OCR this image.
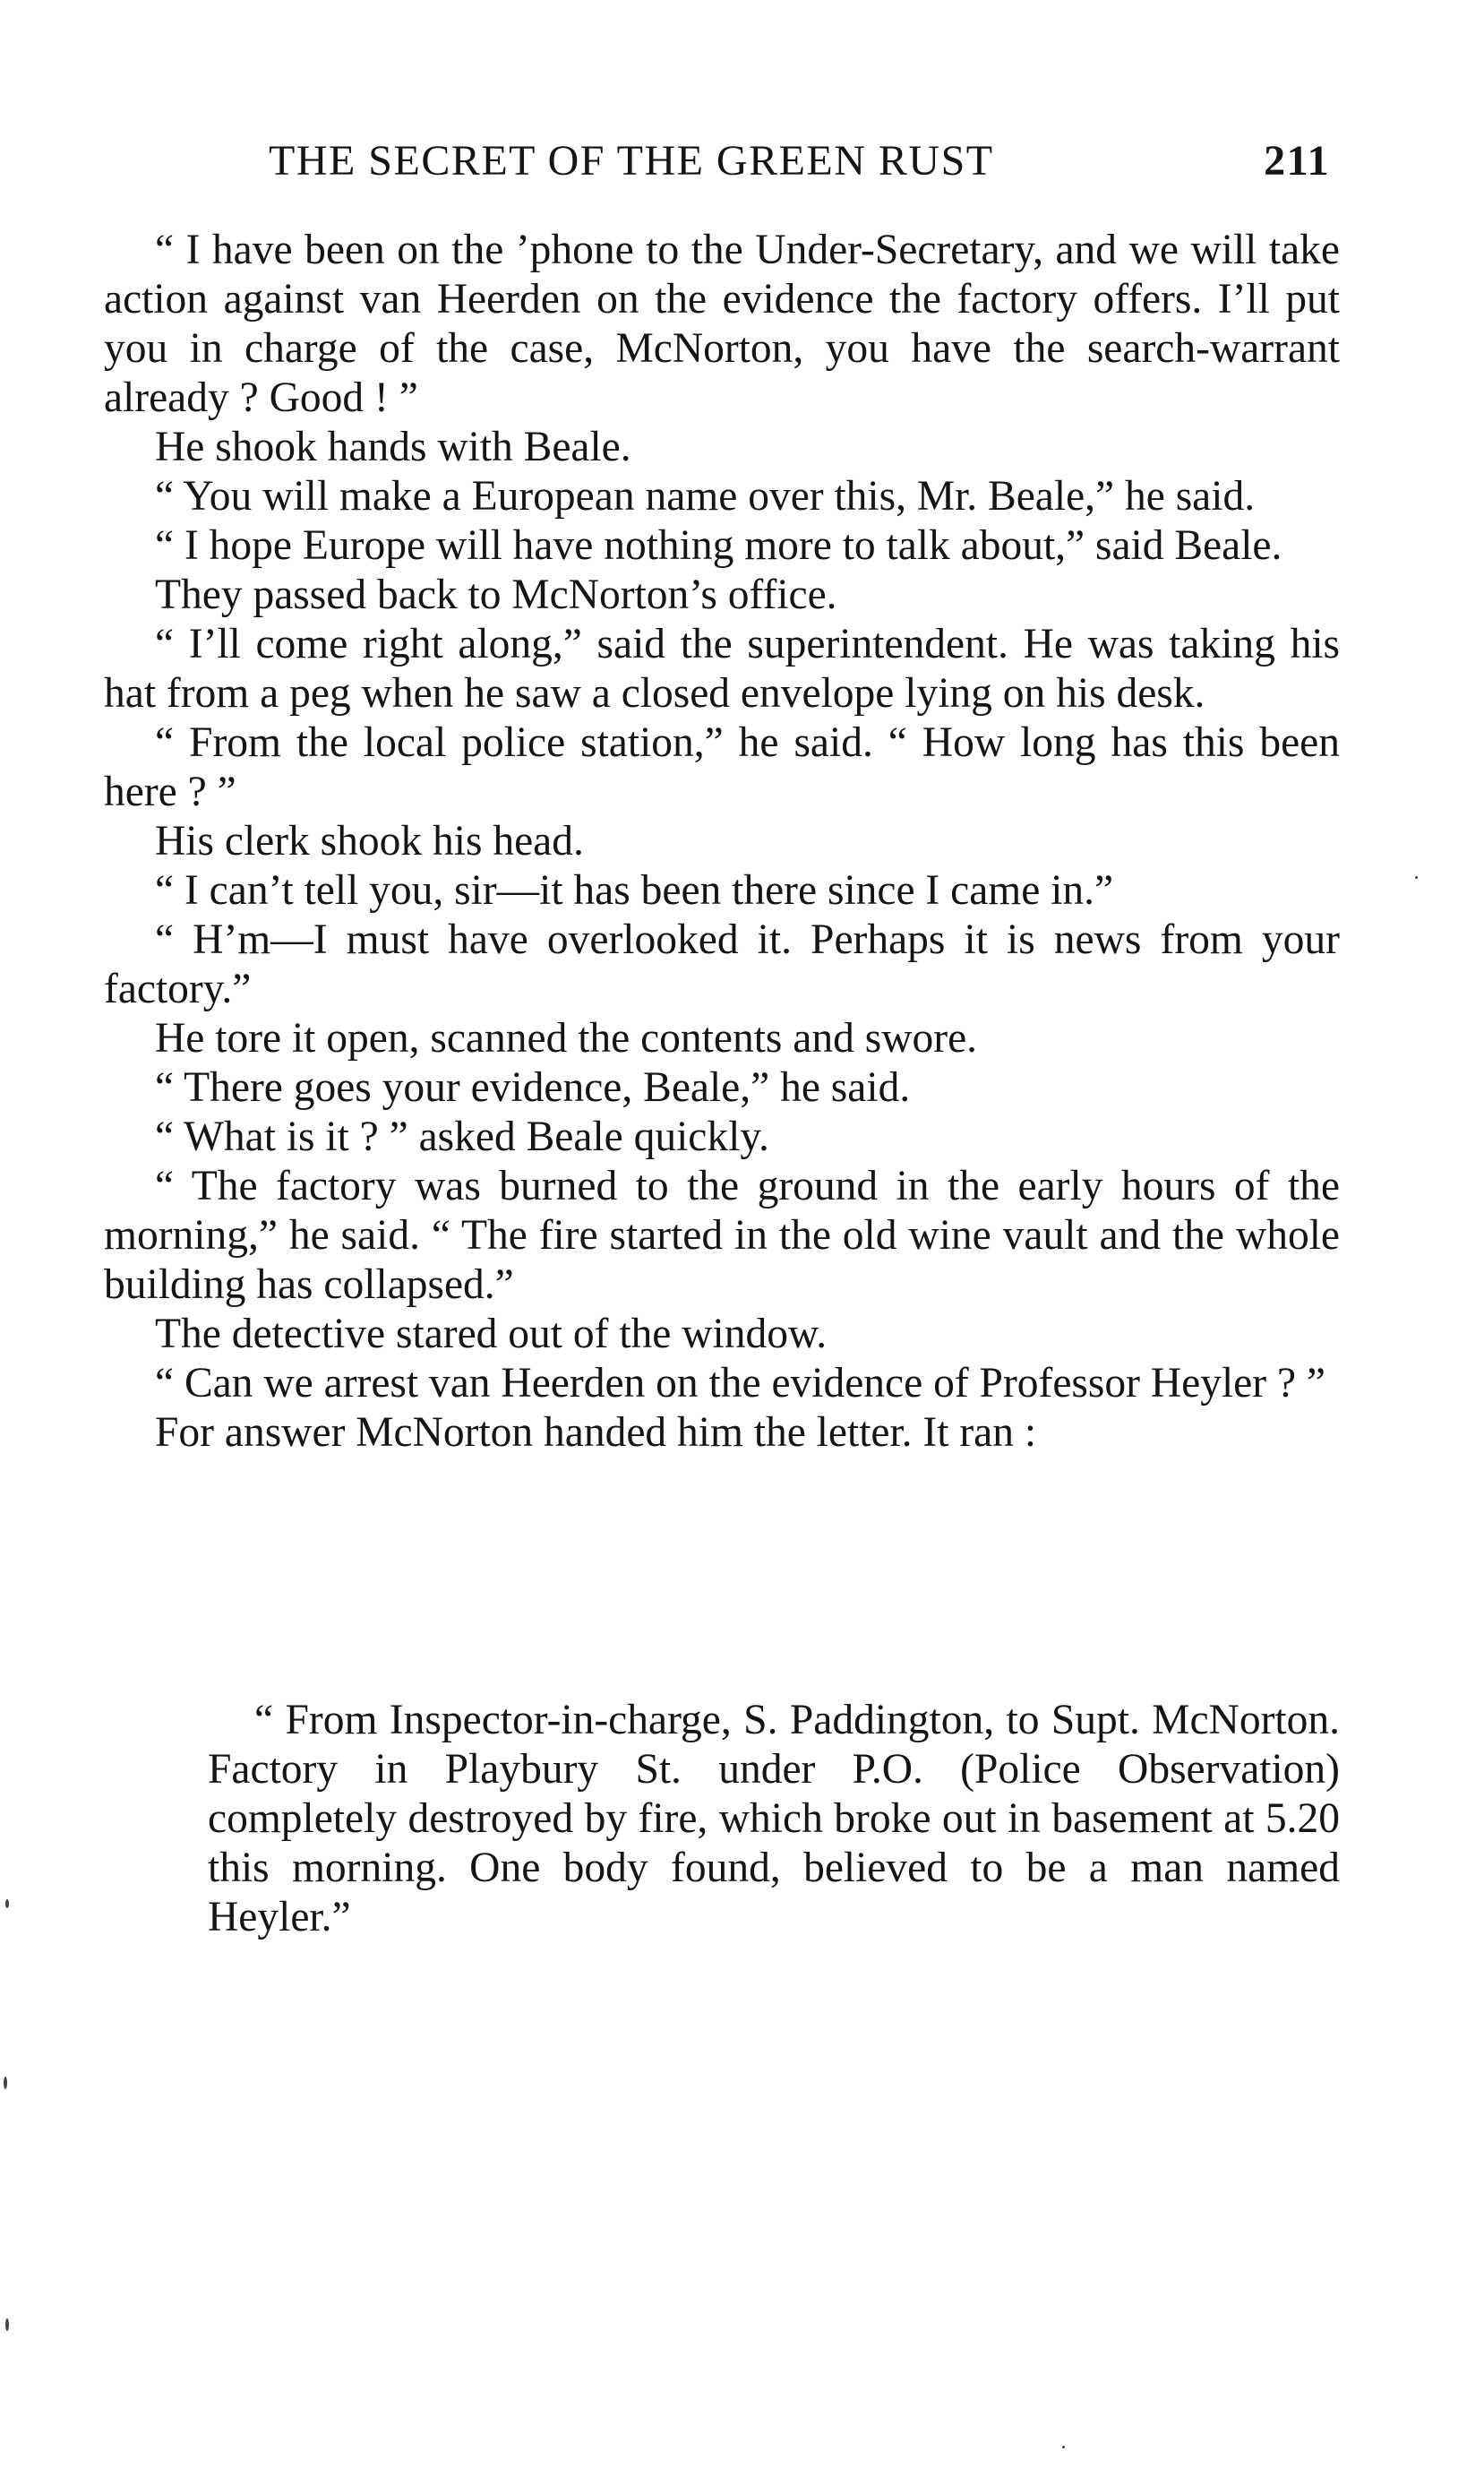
THE SECRET OF THE GREEN RUST	211

“ I have been on the ’phone to the Under-Secretary, and we will take action against van Heerden on the evidence the factory offers. I’ll put you in charge of the case, McNorton, you have the search-warrant already ? Good ! ”

He shook hands with Beale.

“ You will make a European name over this, Mr. Beale,” he said.

“ I hope Europe will have nothing more to talk about,” said Beale.

They passed back to McNorton’s office.

“ I’ll come right along,” said the superintendent. He was taking his hat from a peg when he saw a closed envelope lying on his desk.

“ From the local police station,” he said. “ How long has this been here ? ”

His clerk shook his head.

“ I can’t tell you, sir—it has been there since I came in.”

“ H’m—I must have overlooked it. Perhaps it is news from your factory.”

He tore it open, scanned the contents and swore.

“ There goes your evidence, Beale,” he said.

“ What is it ? ” asked Beale quickly.

“ The factory was burned to the ground in the early hours of the morning,” he said. “ The fire started in the old wine vault and the whole building has collapsed.”

The detective stared out of the window.

“ Can we arrest van Heerden on the evidence of Professor Heyler ? ”

For answer McNorton handed him the letter. It ran :

“ From Inspector-in-charge, S. Paddington, to Supt. McNorton. Factory in Playbury St. under P.O. (Police Observation) completely destroyed by fire, which broke out in basement at 5.20 this morning. One body found, believed to be a man named Heyler.”
